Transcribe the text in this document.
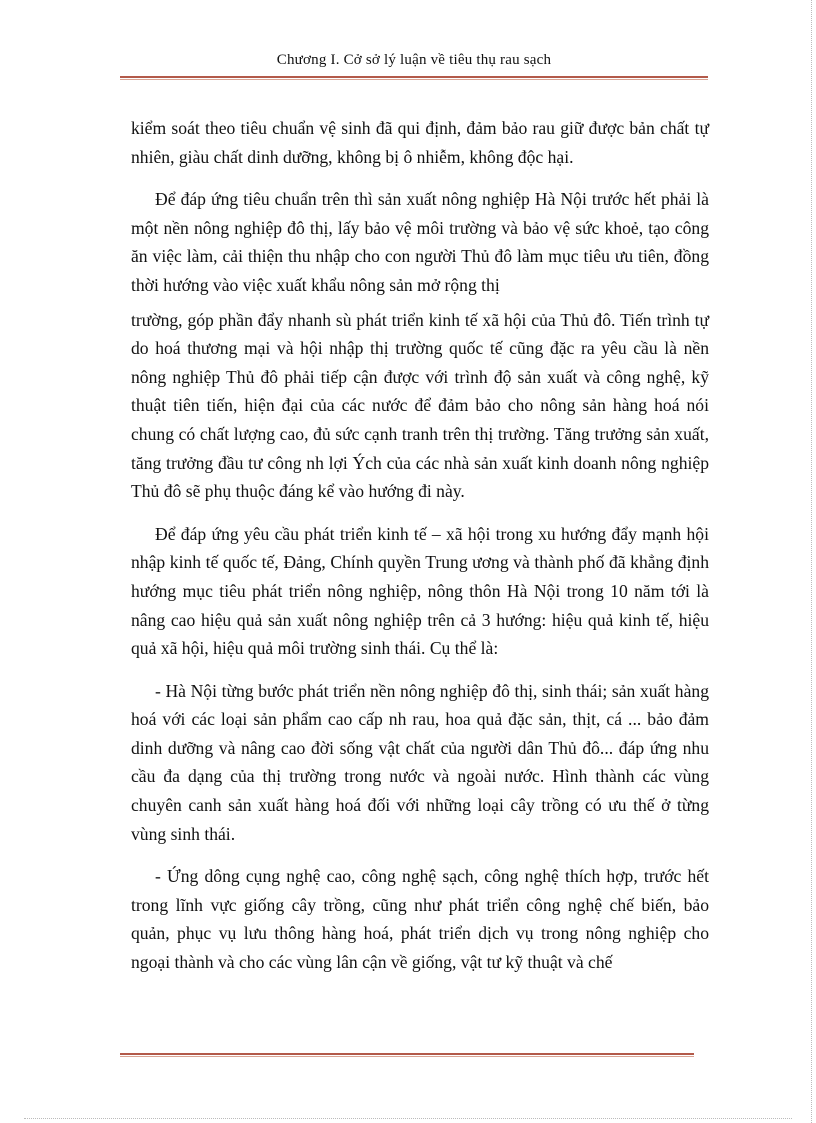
Chương I. Cở sở lý luận về tiêu thụ rau sạch

kiểm soát theo tiêu chuẩn vệ sinh đã qui định, đảm bảo rau giữ được bản chất tự nhiên, giàu chất dinh dưỡng, không bị ô nhiễm, không độc hại.

Để đáp ứng tiêu chuẩn trên thì sản xuất nông nghiệp Hà Nội trước hết phải là một nền nông nghiệp đô thị, lấy bảo vệ môi trường và bảo vệ sức khoẻ, tạo công ăn việc làm, cải thiện thu nhập cho con người Thủ đô làm mục tiêu ưu tiên, đồng thời hướng vào việc xuất khẩu nông sản mở rộng thị

trường, góp phần đẩy nhanh sù phát triển kinh tế xã hội của Thủ đô. Tiến trình tự do hoá thương mại và hội nhập thị trường quốc tế cũng đặc ra yêu cầu là nền nông nghiệp Thủ đô phải tiếp cận được với trình độ sản xuất và công nghệ, kỹ thuật tiên tiến, hiện đại của các nước để đảm bảo cho nông sản hàng hoá nói chung có chất lượng cao, đủ sức cạnh tranh trên thị trường. Tăng trưởng sản xuất, tăng trưởng đầu tư công nh lợi Ých của các nhà sản xuất kinh doanh nông nghiệp Thủ đô sẽ phụ thuộc đáng kể vào hướng đi này.

Để đáp ứng yêu cầu phát triển kinh tế – xã hội trong xu hướng đẩy mạnh hội nhập kinh tế quốc tế, Đảng, Chính quyền Trung ương và thành phố đã khẳng định hướng mục tiêu phát triển nông nghiệp, nông thôn Hà Nội trong 10 năm tới là nâng cao hiệu quả sản xuất nông nghiệp trên cả 3 hướng: hiệu quả kinh tế, hiệu quả xã hội, hiệu quả môi trường sinh thái. Cụ thể là:

- Hà Nội từng bước phát triển nền nông nghiệp đô thị, sinh thái; sản xuất hàng hoá với các loại sản phẩm cao cấp nh rau, hoa quả đặc sản, thịt, cá ... bảo đảm dinh dưỡng và nâng cao đời sống vật chất của người dân Thủ đô... đáp ứng nhu cầu đa dạng của thị trường trong nước và ngoài nước. Hình thành các vùng chuyên canh sản xuất hàng hoá đối với những loại cây trồng có ưu thế ở từng vùng sinh thái.

- Ứng dông cụng nghệ cao, công nghệ sạch, công nghệ thích hợp, trước hết trong lĩnh vực giống cây trồng, cũng như phát triển công nghệ chế biến, bảo quản, phục vụ lưu thông hàng hoá, phát triển dịch vụ trong nông nghiệp cho ngoại thành và cho các vùng lân cận về giống, vật tư kỹ thuật và chế
